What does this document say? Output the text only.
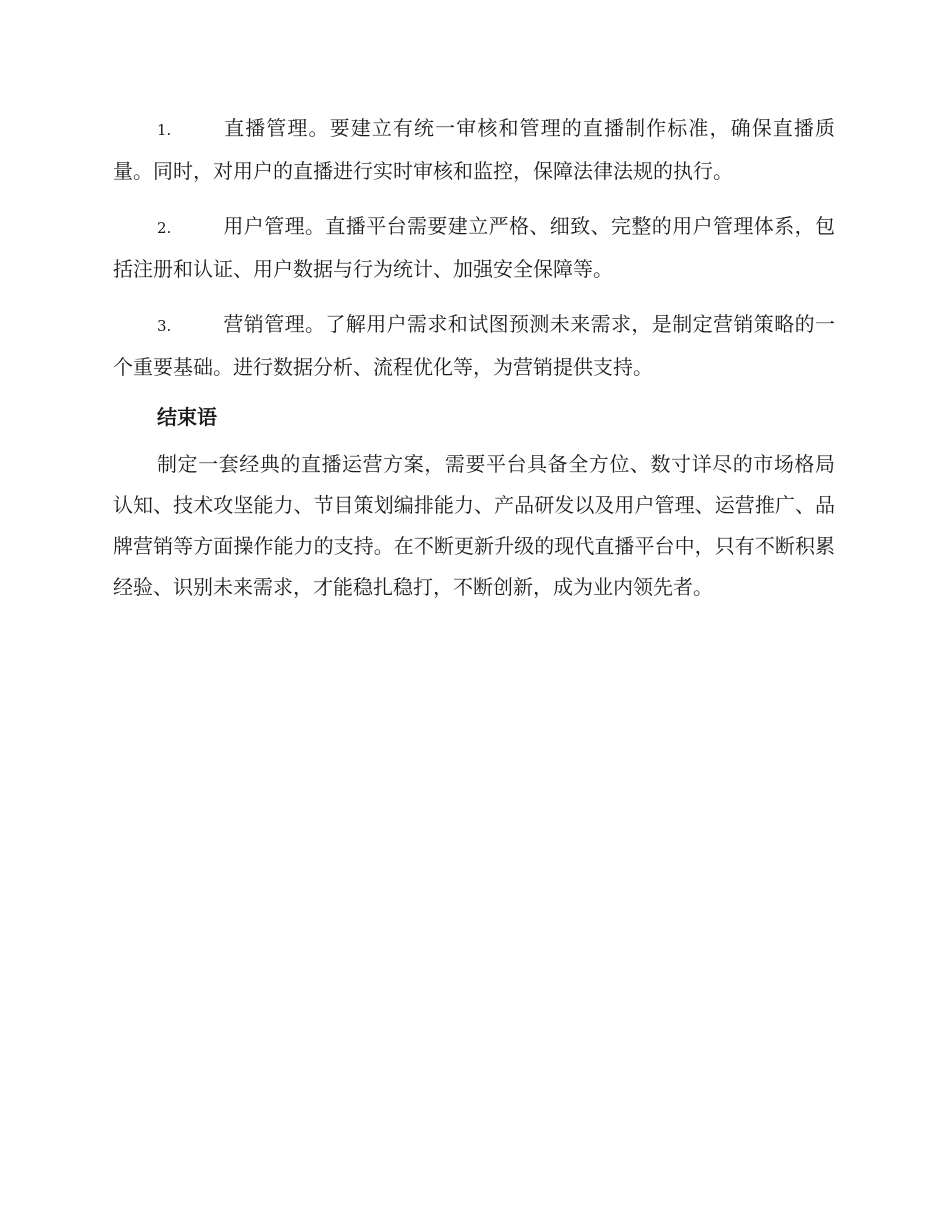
1.	直播管理。要建立有统一审核和管理的直播制作标准，确保直播质量。同时，对用户的直播进行实时审核和监控，保障法律法规的执行。

2.	用户管理。直播平台需要建立严格、细致、完整的用户管理体系，包括注册和认证、用户数据与行为统计、加强安全保障等。

3.	营销管理。了解用户需求和试图预测未来需求，是制定营销策略的一个重要基础。进行数据分析、流程优化等，为营销提供支持。

结束语

制定一套经典的直播运营方案，需要平台具备全方位、数寸详尽的市场格局认知、技术攻坚能力、节目策划编排能力、产品研发以及用户管理、运营推广、品牌营销等方面操作能力的支持。在不断更新升级的现代直播平台中，只有不断积累经验、识别未来需求，才能稳扎稳打，不断创新，成为业内领先者。
